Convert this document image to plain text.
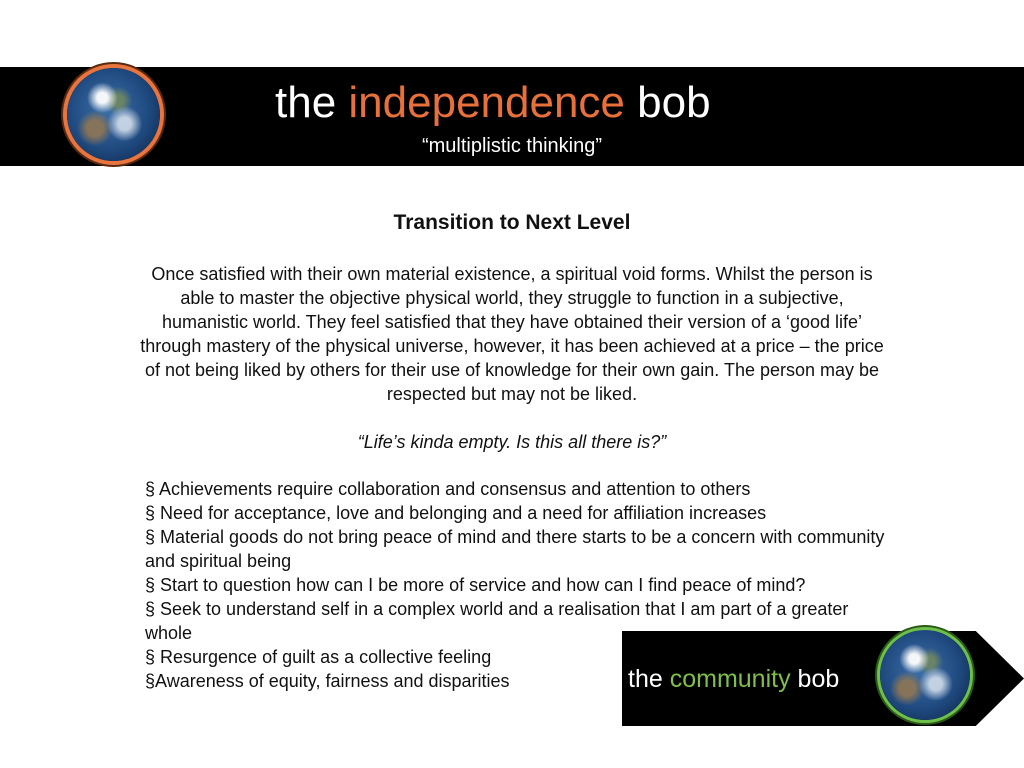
the independence bob
“multiplistic thinking”
Transition to Next Level

Once satisfied with their own material existence, a spiritual void forms. Whilst the person is able to master the objective physical world, they struggle to function in a subjective, humanistic world. They feel satisfied that they have obtained their version of a ‘good life’ through mastery of the physical universe, however, it has been achieved at a price – the price of not being liked by others for their use of knowledge for their own gain. The person may be respected but may not be liked.

“Life’s kinda empty. Is this all there is?”
§ Achievements require collaboration and consensus and attention to others
§ Need for acceptance, love and belonging and a need for affiliation increases
§ Material goods do not bring peace of mind and there starts to be a concern with community and spiritual being
§ Start to question how can I be more of service and how can I find peace of mind?
§ Seek to understand self in a complex world and a realisation that I am part of a greater whole
§ Resurgence of guilt as a collective feeling
§Awareness of equity, fairness and disparities	the community bob
